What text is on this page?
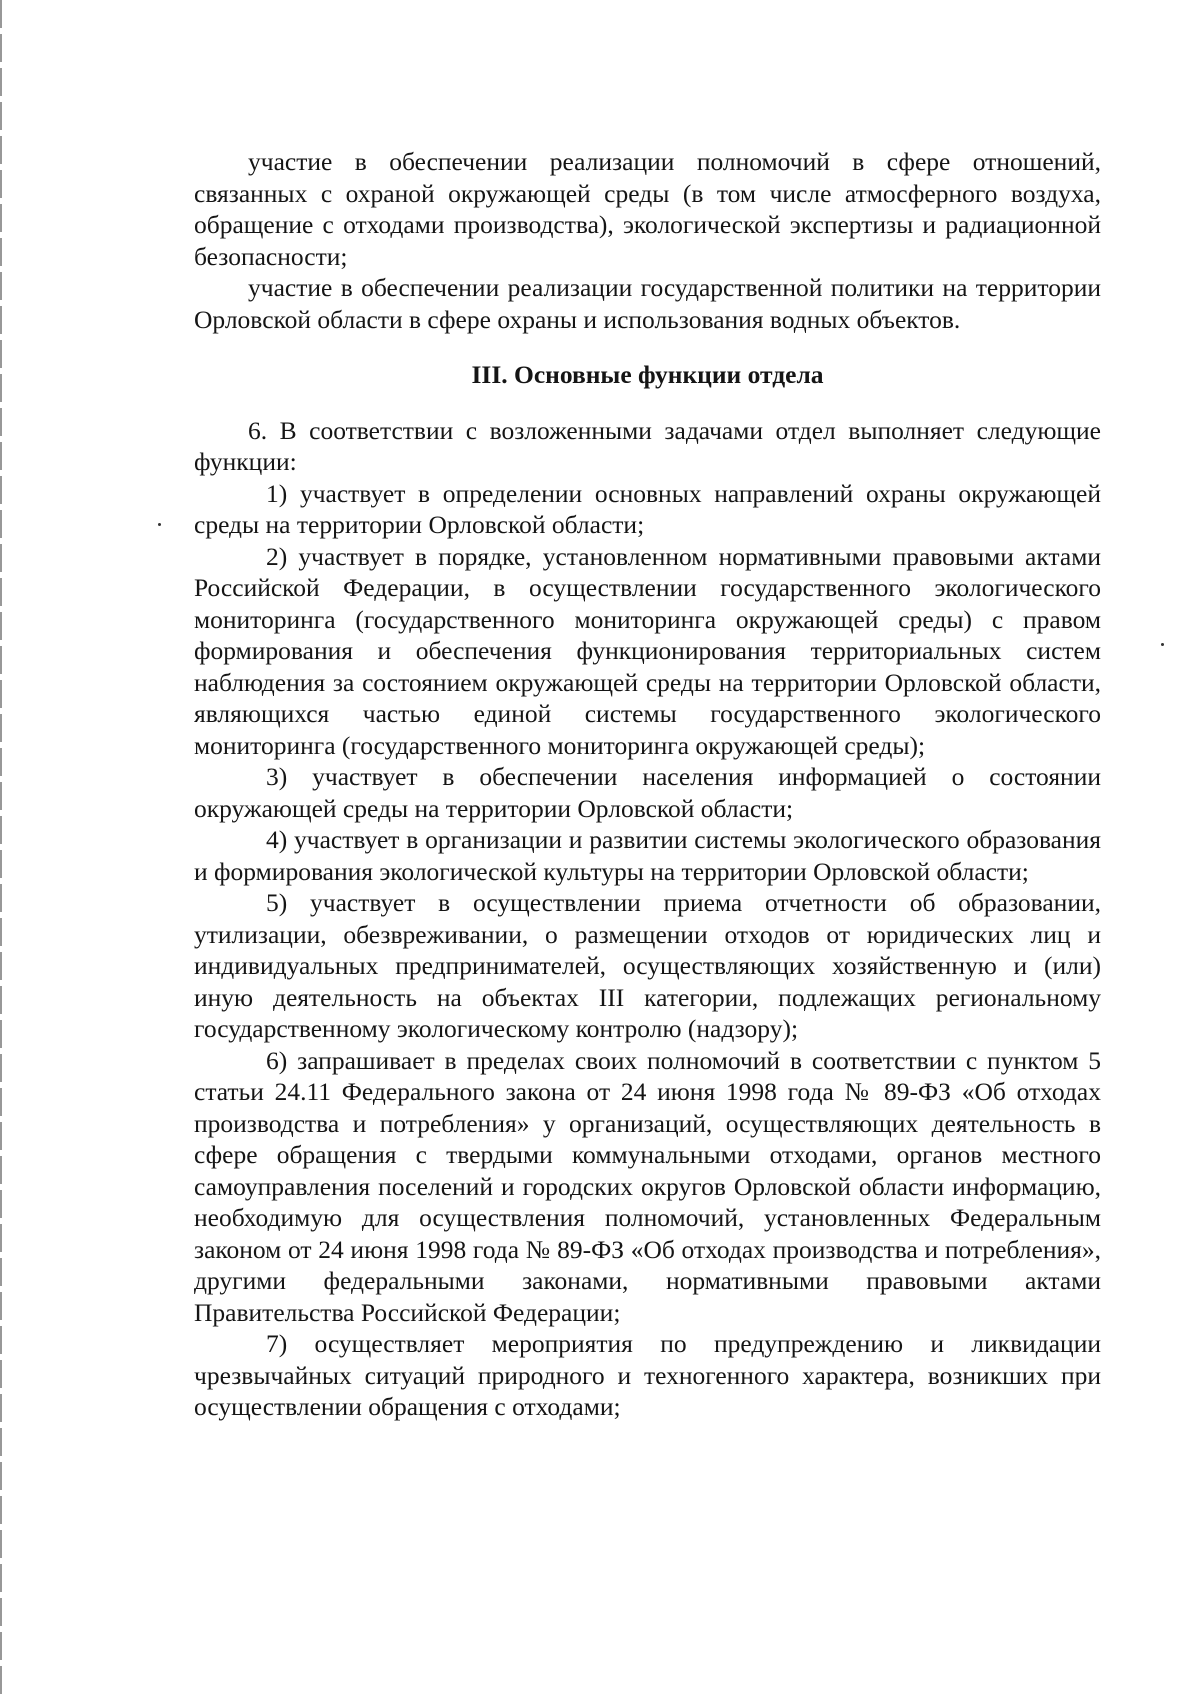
участие в обеспечении реализации полномочий в сфере отношений, связанных с охраной окружающей среды (в том числе атмосферного воздуха, обращение с отходами производства), экологической экспертизы и радиационной безопасности;

участие в обеспечении реализации государственной политики на территории Орловской области в сфере охраны и использования водных объектов.

III. Основные функции отдела

6. В соответствии с возложенными задачами отдел выполняет следующие функции:

1) участвует в определении основных направлений охраны окружающей среды на территории Орловской области;

2) участвует в порядке, установленном нормативными правовыми актами Российской Федерации, в осуществлении государственного экологического мониторинга (государственного мониторинга окружающей среды) с правом формирования и обеспечения функционирования территориальных систем наблюдения за состоянием окружающей среды на территории Орловской области, являющихся частью единой системы государственного экологического мониторинга (государственного мониторинга окружающей среды);

3) участвует в обеспечении населения информацией о состоянии окружающей среды на территории Орловской области;

4) участвует в организации и развитии системы экологического образования и формирования экологической культуры на территории Орловской области;

5) участвует в осуществлении приема отчетности об образовании, утилизации, обезвреживании, о размещении отходов от юридических лиц и индивидуальных предпринимателей, осуществляющих хозяйственную и (или) иную деятельность на объектах III категории, подлежащих региональному государственному экологическому контролю (надзору);

6) запрашивает в пределах своих полномочий в соответствии с пунктом 5 статьи 24.11 Федерального закона от 24 июня 1998 года № 89-ФЗ «Об отходах производства и потребления» у организаций, осуществляющих деятельность в сфере обращения с твердыми коммунальными отходами, органов местного самоуправления поселений и городских округов Орловской области информацию, необходимую для осуществления полномочий, установленных Федеральным законом от 24 июня 1998 года № 89-ФЗ «Об отходах производства и потребления», другими федеральными законами, нормативными правовыми актами Правительства Российской Федерации;

7) осуществляет мероприятия по предупреждению и ликвидации чрезвычайных ситуаций природного и техногенного характера, возникших при осуществлении обращения с отходами;
